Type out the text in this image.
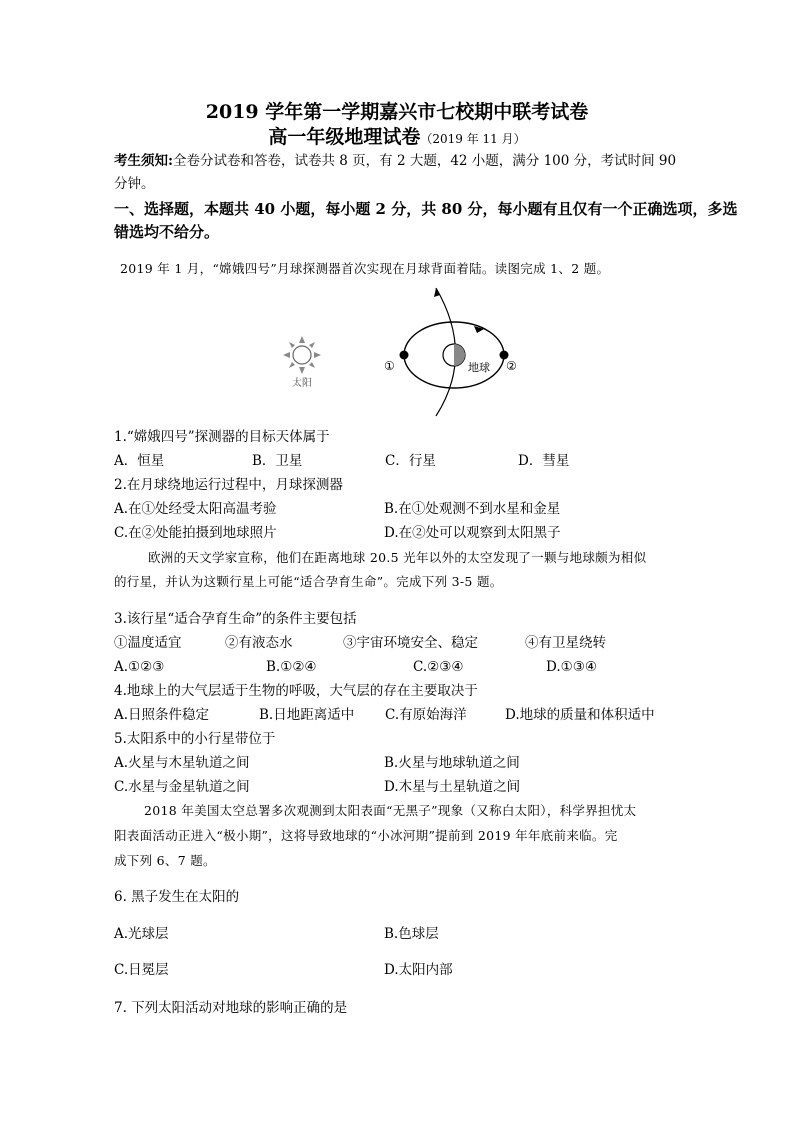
2019 学年第一学期嘉兴市七校期中联考试卷
高一年级地理试卷（2019 年 11 月）
考生须知:全卷分试卷和答卷，试卷共 8 页，有 2 大题，42 小题，满分 100 分，考试时间 90
分钟。
一、选择题，本题共 40 小题，每小题 2 分，共 80 分，每小题有且仅有一个正确选项，多选
错选均不给分。
2019 年 1 月，“嫦娥四号”月球探测器首次实现在月球背面着陆。读图完成 1、2 题。
太阳
地球
①	②
1.“嫦娥四号”探测器的目标天体属于
A．恒星	B．卫星	C．行星	D．彗星
2.在月球绕地运行过程中，月球探测器
A.在①处经受太阳高温考验	B.在①处观测不到水星和金星
C.在②处能拍摄到地球照片	D.在②处可以观察到太阳黑子
欧洲的天文学家宣称，他们在距离地球 20.5 光年以外的太空发现了一颗与地球颇为相似
的行星，并认为这颗行星上可能“适合孕育生命”。完成下列 3-5 题。
3.该行星“适合孕育生命”的条件主要包括
①温度适宜	②有液态水	③宇宙环境安全、稳定	④有卫星绕转
A.①②③	B.①②④	C.②③④	D.①③④
4.地球上的大气层适于生物的呼吸，大气层的存在主要取决于
A.日照条件稳定	B.日地距离适中 C.有原始海洋	D.地球的质量和体积适中
5.太阳系中的小行星带位于
A.火星与木星轨道之间	B.火星与地球轨道之间
C.水星与金星轨道之间	D.木星与土星轨道之间
2018 年美国太空总署多次观测到太阳表面“无黑子”现象（又称白太阳），科学界担忧太
阳表面活动正进入“极小期”，这将导致地球的“小冰河期”提前到 2019 年年底前来临。完
成下列 6、7 题。
6. 黑子发生在太阳的
A.光球层	B.色球层
C.日冕层	D.太阳内部
7. 下列太阳活动对地球的影响正确的是
